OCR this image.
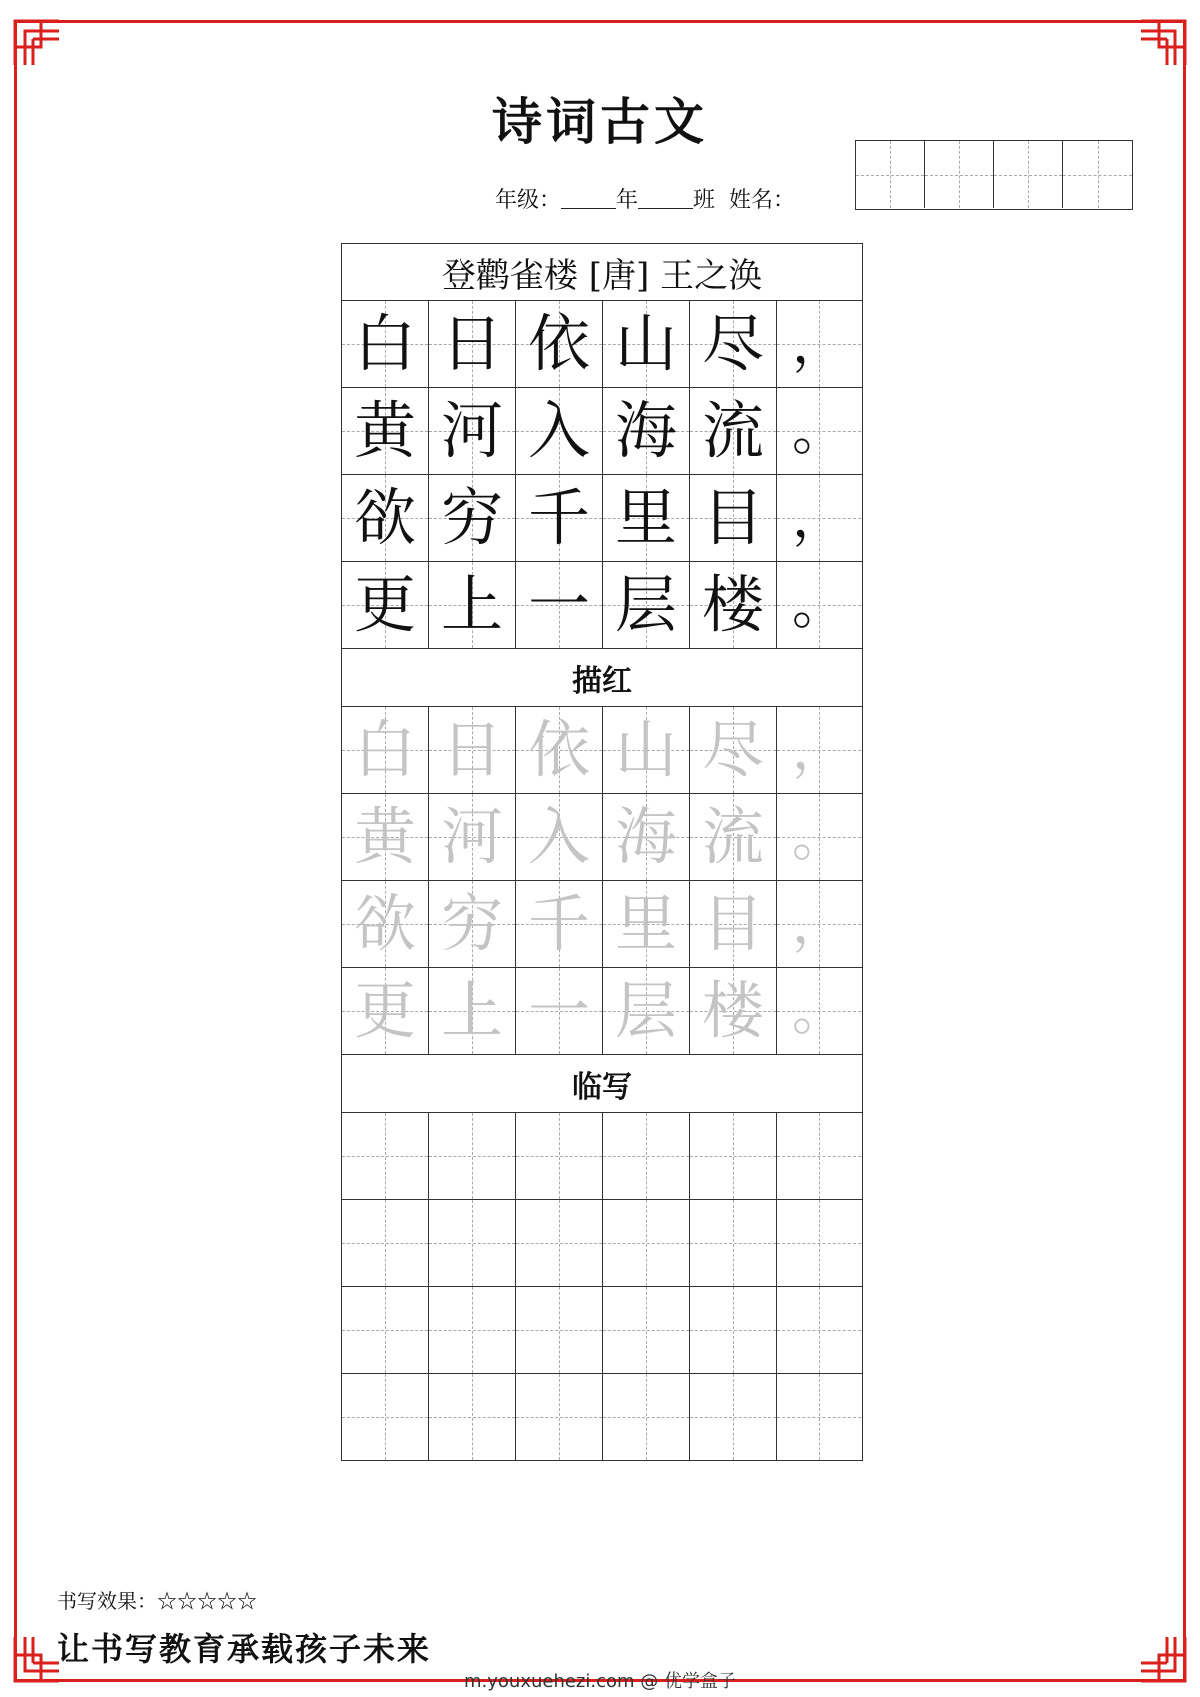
诗词古文
年级：	年	班 姓名：
登鹳雀楼 [唐] 王之涣
白 日 依 山 尽 ，
黄 河 入 海 流 。
欲 穷 千 里 目 ，
更 上 一 层 楼 。
描红
白 日 依 山 尽 ，
黄 河 入 海 流 。
欲 穷 千 里 目 ，
更 上 一 层 楼 。
临写
书写效果：☆☆☆☆☆
让书写教育承载孩子未来
m.youxuehezi.com @ 优学盒子
